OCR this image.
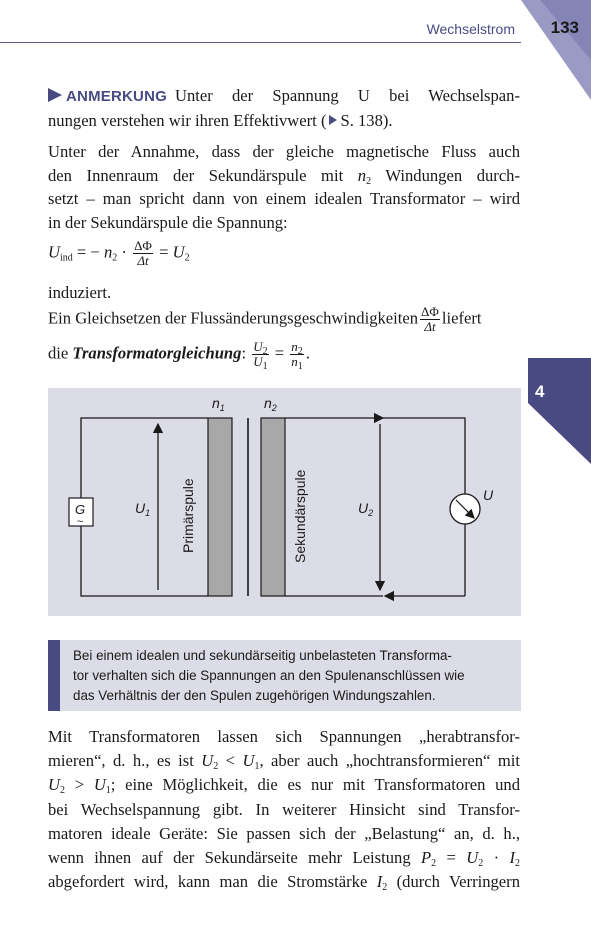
Wechselstrom 133
4
ANMERKUNG Unter der Spannung U bei Wechselspan-
nungen verstehen wir ihren Effektivwert ( S. 138).
Unter der Annahme, dass der gleiche magnetische Fluss auch
den Innenraum der Sekundärspule mit $n_2$ Windungen durch-
setzt – man spricht dann von einem idealen Transformator – wird
in der Sekundärspule die Spannung:
$U_{ind}$ = − $n_2 \cdot \frac{\Delta\Phi}{\Delta t} = U_2$
induziert.
Ein Gleichsetzen der Flussänderungsgeschwindigkeiten $\frac{\Delta\Phi}{\Delta t}$ liefert
die Transformatorgleichung: $\frac{U_2}{U_1} = \frac{n_2}{n_1}$ .
$n_1$	$n_2$
G
~
$U_1$	$U_2$
U
Primärspule	Sekundärspule
Bei einem idealen und sekundärseitig unbelasteten Transforma-
tor verhalten sich die Spannungen an den Spulenanschlüssen wie
das Verhältnis der den Spulen zugehörigen Windungszahlen.
Mit Transformatoren lassen sich Spannungen „herabtransfor-
mieren“, d. h., es ist $U_2 < U_1$, aber auch „hochtransformieren“ mit
$U_2 > U_1$; eine Möglichkeit, die es nur mit Transformatoren und
bei Wechselspannung gibt. In weiterer Hinsicht sind Transfor-
matoren ideale Geräte: Sie passen sich der „Belastung“ an, d. h.,
wenn ihnen auf der Sekundärseite mehr Leistung $P_2 = U_2 \cdot I_2$
abgefordert wird, kann man die Stromstärke $I_2$ (durch Verringern
